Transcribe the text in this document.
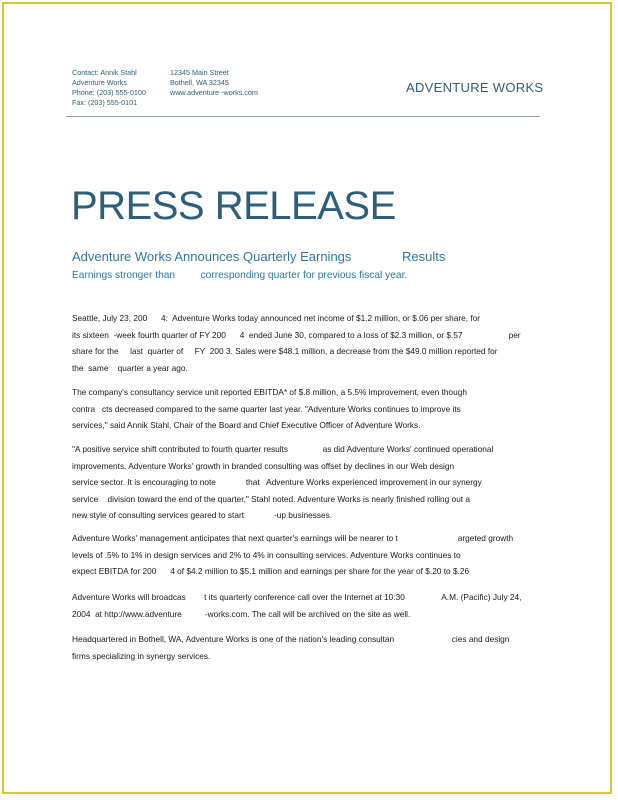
Contact: Annik Stahl
Adventure Works
Phone: (203) 555-0100
Fax: (203) 555-0101
12345 Main Street
Bothell, WA 32345
www.adventure -works.com	ADVENTURE WORKS
PRESS RELEASE
Adventure Works Announces Quarterly Earnings              Results
Earnings stronger than         corresponding quarter for previous fiscal year.
Seattle, July 23, 200      4:  Adventure Works today announced net income of $1.2 million, or $.06 per share, for
its sixteen  -week fourth quarter of FY 200      4  ended June 30, compared to a loss of $2.3 million, or $.57                    per
share for the     last  quarter of     FY  200 3. Sales were $48.1 million, a decrease from the $49.0 million reported for
the  same    quarter a year ago.
The company's consultancy service unit reported EBITDA* of $.8 million, a 5.5% improvement, even though
contra   cts decreased compared to the same quarter last year. "Adventure Works continues to improve its
services," said Annik Stahl, Chair of the Board and Chief Executive Officer of Adventure Works.
"A positive service shift contributed to fourth quarter results               as did Adventure Works' continued operational
improvements. Adventure Works' growth in branded consulting was offset by declines in our Web design
service sector. It is encouraging to note             that   Adventure Works experienced improvement in our synergy
service    division toward the end of the quarter," Stahl noted. Adventure Works is nearly finished rolling out a
new style of consulting services geared to start             -up businesses.
Adventure Works' management anticipates that next quarter's earnings will be nearer to t                          argeted growth
levels of .5% to 1% in design services and 2% to 4% in consulting services. Adventure Works continues to
expect EBITDA for 200      4 of $4.2 million to $5.1 million and earnings per share for the year of $.20 to $.26
Adventure Works will broadcas        t its quarterly conference call over the Internet at 10:30                A.M. (Pacific) July 24,
2004  at http://www.adventure          -works.com. The call will be archived on the site as well.
Headquartered in Bothell, WA, Adventure Works is one of the nation's leading consultan                         cies and design
firms specializing in synergy services.
